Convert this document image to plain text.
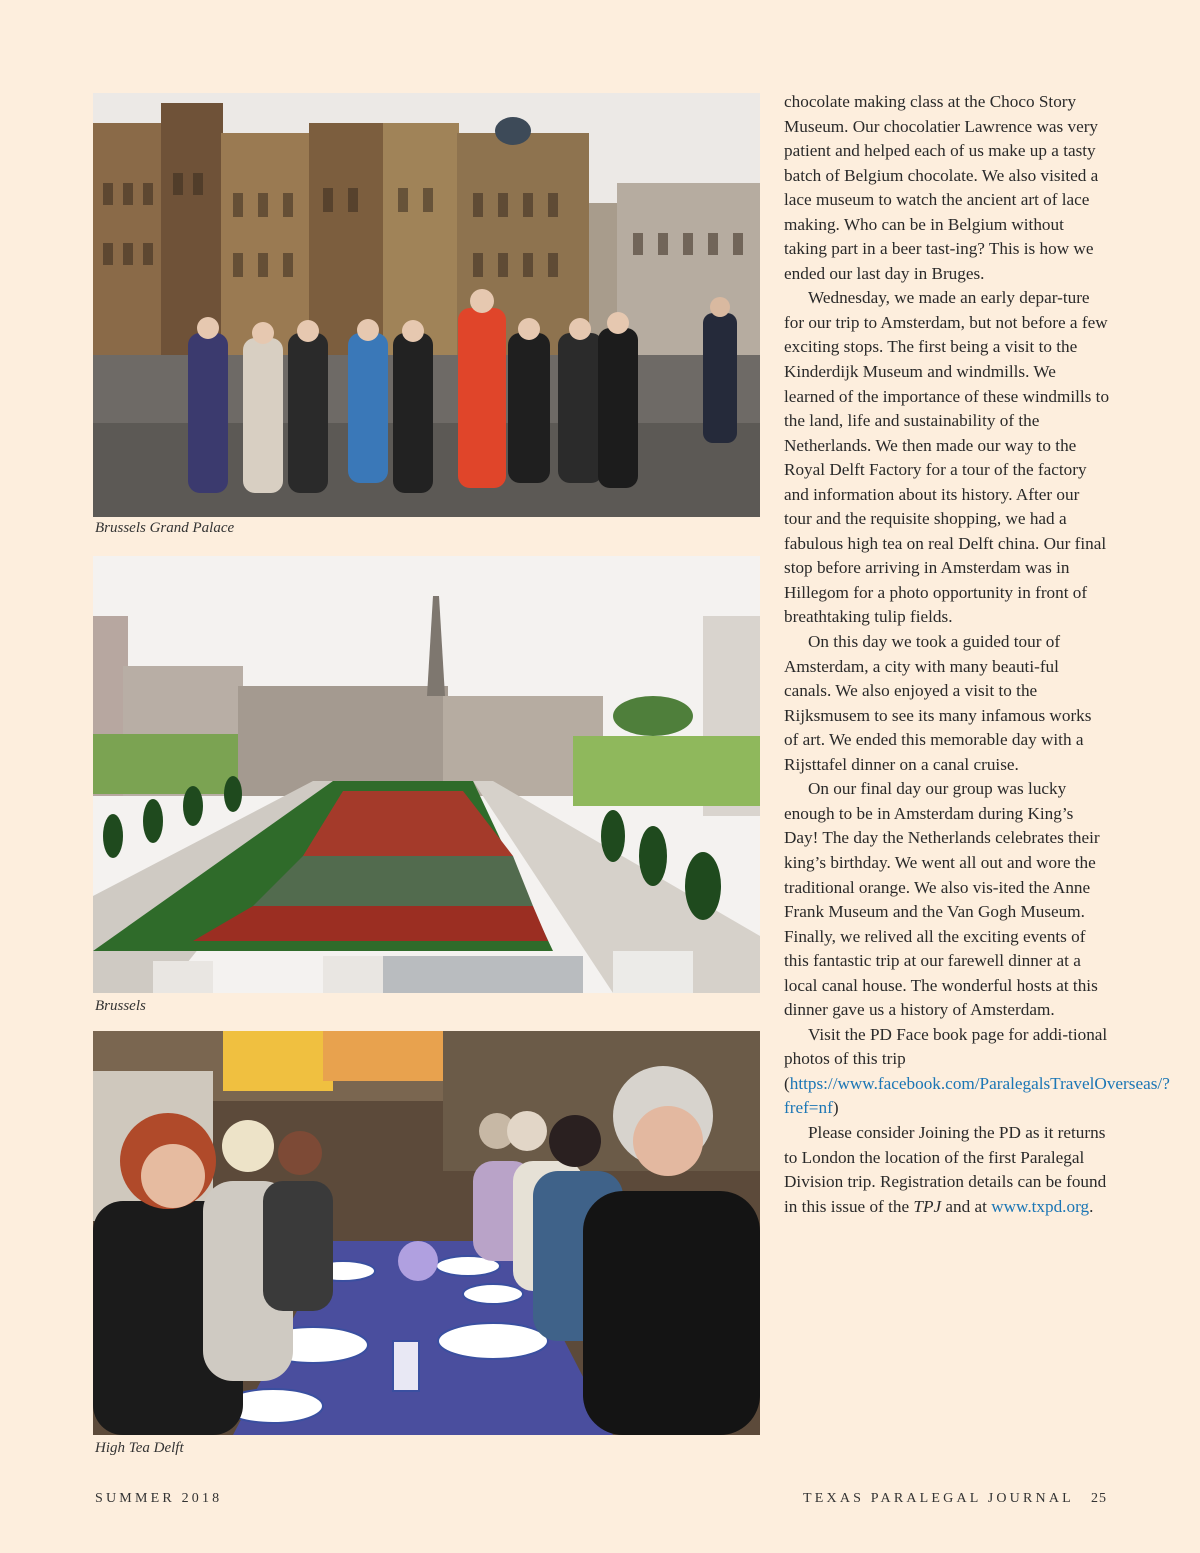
Brussels Grand Palace
Brussels
High Tea Delft

chocolate making class at the Choco Story Museum. Our chocolatier Lawrence was very patient and helped each of us make up a tasty batch of Belgium chocolate. We also visited a lace museum to watch the ancient art of lace making. Who can be in Belgium without taking part in a beer tast-ing? This is how we ended our last day in Bruges.

Wednesday, we made an early depar-ture for our trip to Amsterdam, but not before a few exciting stops. The first being a visit to the Kinderdijk Museum and windmills. We learned of the importance of these windmills to the land, life and sustainability of the Netherlands. We then made our way to the Royal Delft Factory for a tour of the factory and information about its history. After our tour and the requisite shopping, we had a fabulous high tea on real Delft china. Our final stop before arriving in Amsterdam was in Hillegom for a photo opportunity in front of breathtaking tulip fields.

On this day we took a guided tour of Amsterdam, a city with many beauti-ful canals. We also enjoyed a visit to the Rijksmusem to see its many infamous works of art. We ended this memorable day with a Rijsttafel dinner on a canal cruise.

On our final day our group was lucky enough to be in Amsterdam during King’s Day! The day the Netherlands celebrates their king’s birthday. We went all out and wore the traditional orange. We also vis-ited the Anne Frank Museum and the Van Gogh Museum. Finally, we relived all the exciting events of this fantastic trip at our farewell dinner at a local canal house. The wonderful hosts at this dinner gave us a history of Amsterdam.

Visit the PD Face book page for addi-tional photos of this trip (https://www.facebook.com/ParalegalsTravelOverseas/?fref=nf)

Please consider Joining the PD as it returns to London the location of the first Paralegal Division trip. Registration details can be found in this issue of the TPJ and at www.txpd.org.

SUMMER 2018	TEXAS PARALEGAL JOURNAL 25
